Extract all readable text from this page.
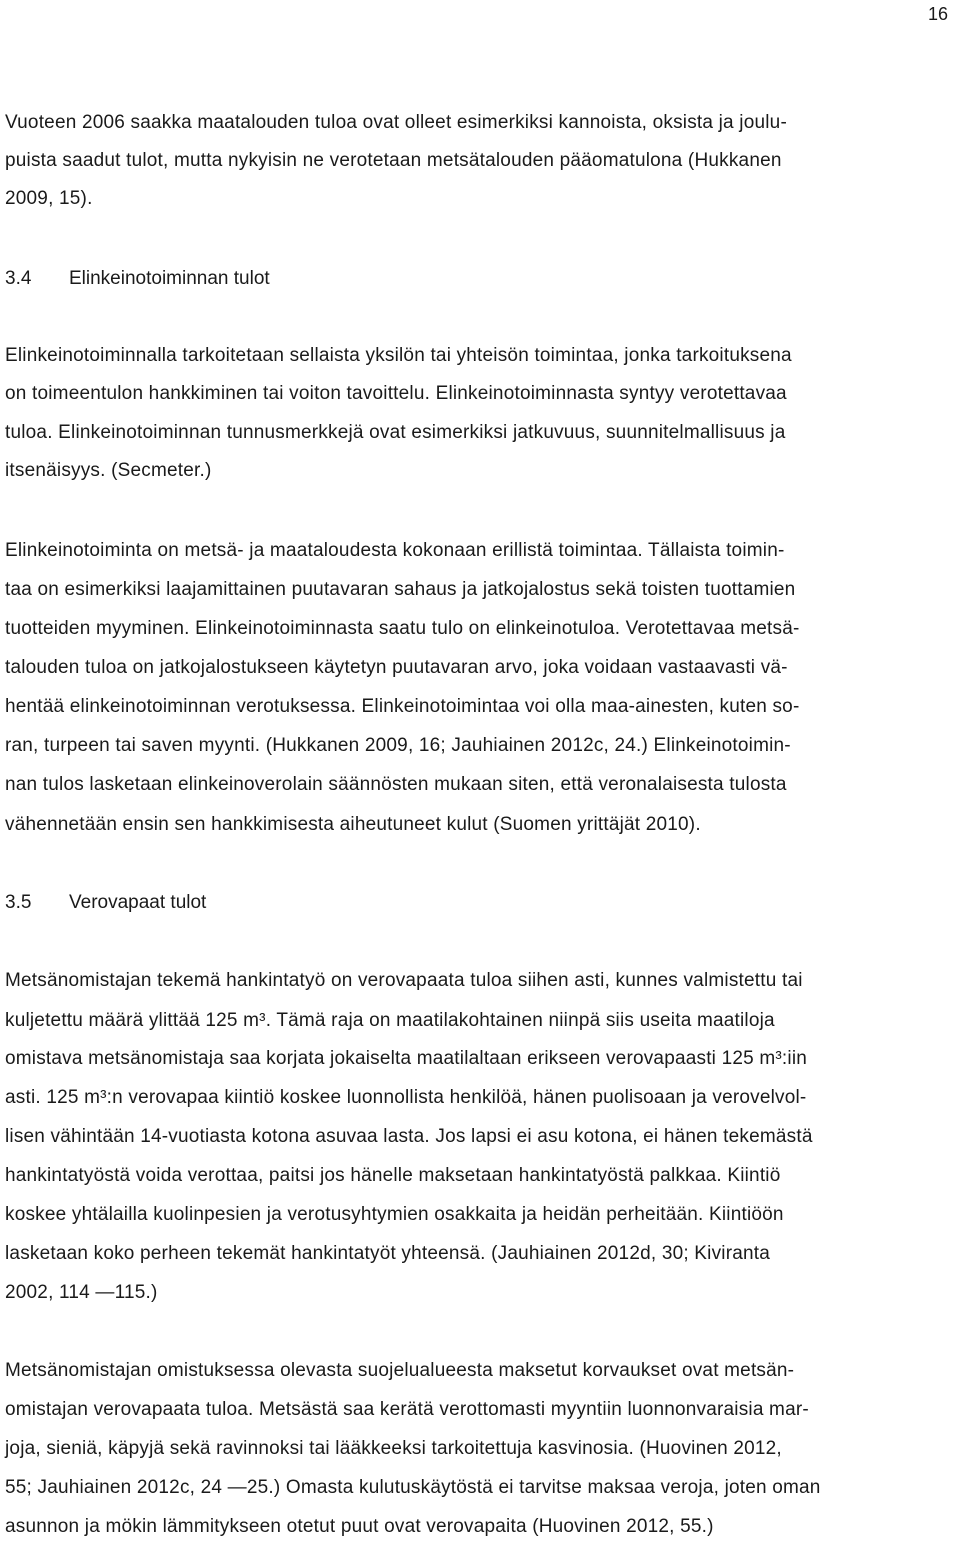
16
Vuoteen 2006 saakka maatalouden tuloa ovat olleet esimerkiksi kannoista, oksista ja joulu-
puista saadut tulot, mutta nykyisin ne verotetaan metsätalouden pääomatulona (Hukkanen
2009, 15).
3.4 Elinkeinotoiminnan tulot
Elinkeinotoiminnalla tarkoitetaan sellaista yksilön tai yhteisön toimintaa, jonka tarkoituksena
on toimeentulon hankkiminen tai voiton tavoittelu. Elinkeinotoiminnasta syntyy verotettavaa
tuloa. Elinkeinotoiminnan tunnusmerkkejä ovat esimerkiksi jatkuvuus, suunnitelmallisuus ja
itsenäisyys. (Secmeter.)
Elinkeinotoiminta on metsä- ja maataloudesta kokonaan erillistä toimintaa. Tällaista toimin-
taa on esimerkiksi laajamittainen puutavaran sahaus ja jatkojalostus sekä toisten tuottamien
tuotteiden myyminen. Elinkeinotoiminnasta saatu tulo on elinkeinotuloa. Verotettavaa metsä-
talouden tuloa on jatkojalostukseen käytetyn puutavaran arvo, joka voidaan vastaavasti vä-
hentää elinkeinotoiminnan verotuksessa. Elinkeinotoimintaa voi olla maa-ainesten, kuten so-
ran, turpeen tai saven myynti. (Hukkanen 2009, 16; Jauhiainen 2012c, 24.) Elinkeinotoimin-
nan tulos lasketaan elinkeinoverolain säännösten mukaan siten, että veronalaisesta tulosta
vähennetään ensin sen hankkimisesta aiheutuneet kulut (Suomen yrittäjät 2010).
3.5 Verovapaat tulot
Metsänomistajan tekemä hankintatyö on verovapaata tuloa siihen asti, kunnes valmistettu tai
kuljetettu määrä ylittää 125 m³. Tämä raja on maatilakohtainen niinpä siis useita maatiloja
omistava metsänomistaja saa korjata jokaiselta maatilaltaan erikseen verovapaasti 125 m³:iin
asti. 125 m³:n verovapaa kiintiö koskee luonnollista henkilöä, hänen puolisoaan ja verovelvol-
lisen vähintään 14-vuotiasta kotona asuvaa lasta. Jos lapsi ei asu kotona, ei hänen tekemästä
hankintatyöstä voida verottaa, paitsi jos hänelle maksetaan hankintatyöstä palkkaa. Kiintiö
koskee yhtälailla kuolinpesien ja verotusyhtymien osakkaita ja heidän perheitään. Kiintiöön
lasketaan koko perheen tekemät hankintatyöt yhteensä. (Jauhiainen 2012d, 30; Kiviranta
2002, 114 —115.)
Metsänomistajan omistuksessa olevasta suojelualueesta maksetut korvaukset ovat metsän-
omistajan verovapaata tuloa. Metsästä saa kerätä verottomasti myyntiin luonnonvaraisia mar-
joja, sieniä, käpyjä sekä ravinnoksi tai lääkkeeksi tarkoitettuja kasvinosia. (Huovinen 2012,
55; Jauhiainen 2012c, 24 —25.) Omasta kulutuskäytöstä ei tarvitse maksaa veroja, joten oman
asunnon ja mökin lämmitykseen otetut puut ovat verovapaita (Huovinen 2012, 55.)
